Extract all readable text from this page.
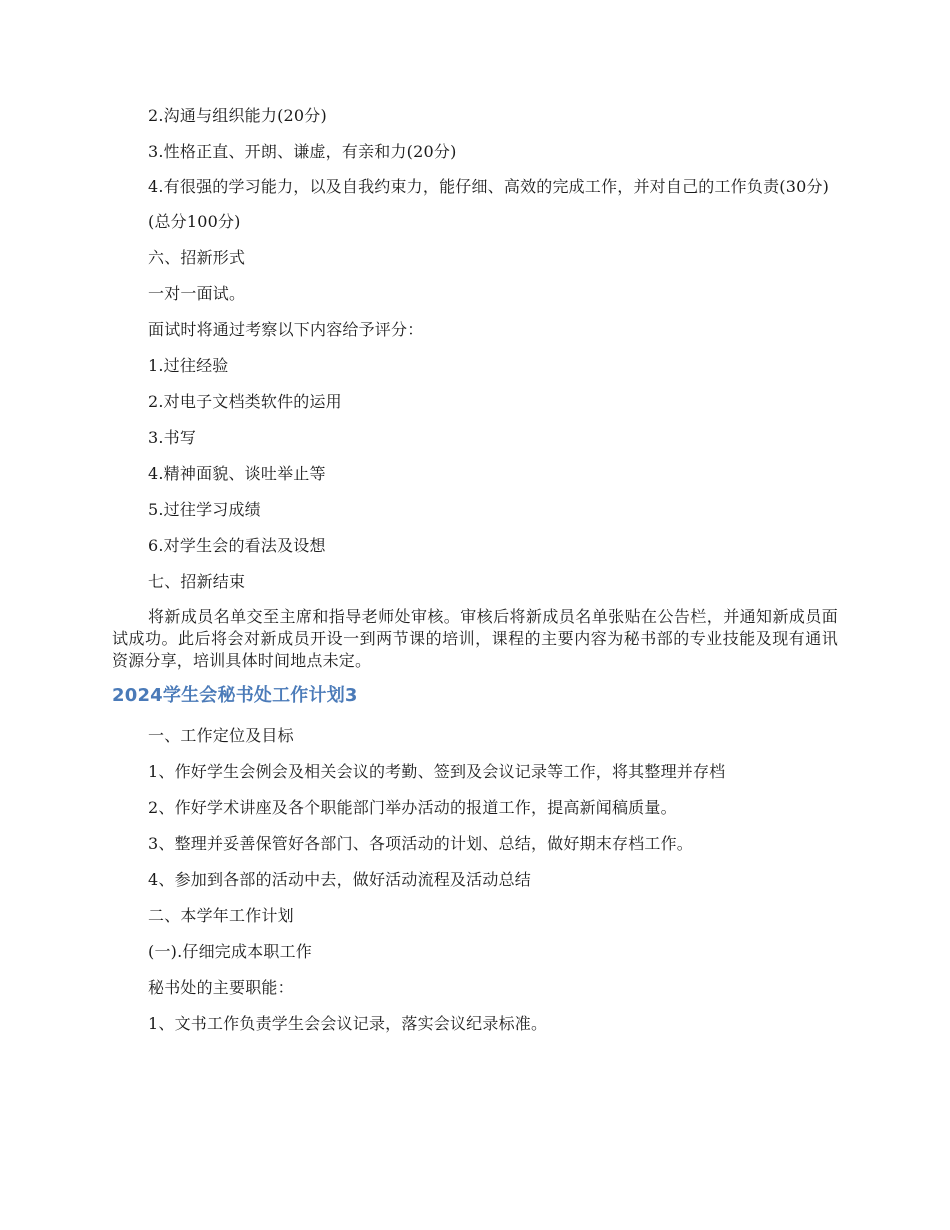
2.沟通与组织能力(20分)

3.性格正直、开朗、谦虚，有亲和力(20分)

4.有很强的学习能力，以及自我约束力，能仔细、高效的完成工作，并对自己的工作负责(30分)

(总分100分)

六、招新形式

一对一面试。

面试时将通过考察以下内容给予评分：

1.过往经验

2.对电子文档类软件的运用

3.书写

4.精神面貌、谈吐举止等

5.过往学习成绩

6.对学生会的看法及设想

七、招新结束

将新成员名单交至主席和指导老师处审核。审核后将新成员名单张贴在公告栏，并通知新成员面试成功。此后将会对新成员开设一到两节课的培训，课程的主要内容为秘书部的专业技能及现有通讯资源分享，培训具体时间地点未定。

2024学生会秘书处工作计划3

一、工作定位及目标

1、作好学生会例会及相关会议的考勤、签到及会议记录等工作，将其整理并存档

2、作好学术讲座及各个职能部门举办活动的报道工作，提高新闻稿质量。

3、整理并妥善保管好各部门、各项活动的计划、总结，做好期末存档工作。

4、参加到各部的活动中去，做好活动流程及活动总结

二、本学年工作计划

(一).仔细完成本职工作

秘书处的主要职能：

1、文书工作负责学生会会议记录，落实会议纪录标准。
